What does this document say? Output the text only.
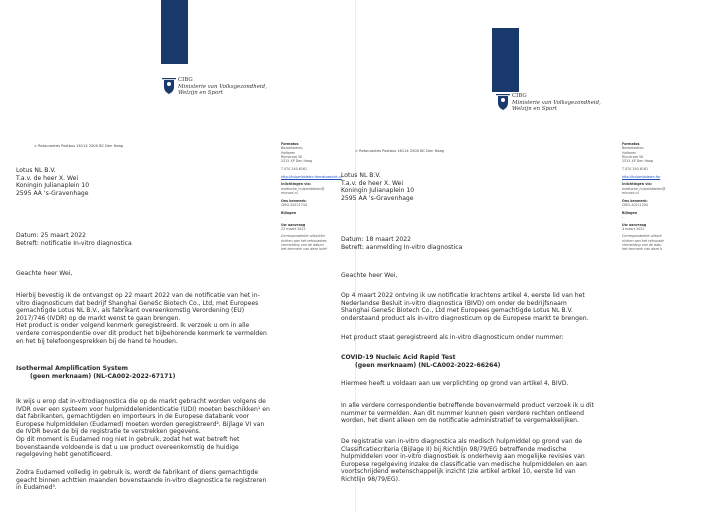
CIBG
Ministerie van Volksgezondheid,
Welzijn en Sport
> Retouradres Postbus 16114 2500 BC Den Haag
Lotus NL B.V.
T.a.v. de heer X. Wei
Koningin Julianaplein 10
2595 AA 's-Gravenhage
Datum: 25 maart 2022
Betreft: notificatie In-vitro diagnostica
Geachte heer Wei,
Hierbij bevestig ik de ontvangst op 22 maart 2022 van de notificatie van het in-
vitro diagnosticum dat bedrijf Shanghai GeneSc Biotech Co., Ltd, met Europees
gemachtigde Lotus NL B.V., als fabrikant overeenkomstig Verordening (EU)
2017/746 (IVDR) op de markt wenst te gaan brengen.
Het product is onder volgend kenmerk geregistreerd. Ik verzoek u om in alle
verdere correspondentie over dit product het bijbehorende kenmerk te vermelden
en het bij telefoongesprekken bij de hand te houden.
Isothermal Amplification System
(geen merknaam) (NL-CA002-2022-67171)
Ik wijs u erop dat in-vitrodiagnostica die op de markt gebracht worden volgens de
IVDR over een systeem voor hulpmiddelenidenticatie (UDI) moeten beschikken¹ en
dat fabrikanten, gemachtigden en importeurs in de Europese databank voor
Europese hulpmiddelen (Eudamed) moeten worden geregistreerd². Bijlage VI van
de IVDR bevat de bij de registratie te verstrekken gegevens.
Op dit moment is Eudamed nog niet in gebruik, zodat het wat betreft het
bovenstaande voldoende is dat u uw product overeenkomstig de huidige
regelgeving hebt genotificeerd.
Zodra Eudamed volledig in gebruik is, wordt de fabrikant of diens gemachtigde
geacht binnen achttien maanden bovenstaande in-vitro diagnostica te registreren
in Eudamed³.
Formatos
Bezoekadres:
Hoftoren
Rijnstraat 50
2515 XP Den Haag
T 070 340 6161
http://hulpmiddelen.farmatoezicht.nl
Inlichtingen via:
medische_hulpmiddelen@
minvws.nl
Ons kenmerk:
CIBG-20221744
Bijlagen
-
Uw aanvraag
22 maart 2022
Correspondentie uitsluiten
richten aan het retouradres
vermelding van de datum
het kenmerk van deze brief
CIBG
Ministerie van Volksgezondheid,
Welzijn en Sport
> Retouradres Postbus 16114 2500 BC Den Haag
Lotus NL B.V.
T.a.v. de heer X. Wei
Koningin Julianaplein 10
2595 AA 's-Gravenhage
Datum: 18 maart 2022
Betreft: aanmelding In-vitro diagnostica
Geachte heer Wei,
Op 4 maart 2022 ontving ik uw notificatie krachtens artikel 4, eerste lid van het
Nederlandse Besluit in-vitro diagnostica (BIVD) om onder de bedrijfsnaam
Shanghai GeneSc Biotech Co., Ltd met Europees gemachtigde Lotus NL B.V.
onderstaand product als in-vitro diagnosticum op de Europese markt te brengen.
Het product staat geregistreerd als in-vitro diagnosticum onder nummer:
COVID-19 Nucleic Acid Rapid Test
(geen merknaam) (NL-CA002-2022-66264)
Hiermee heeft u voldaan aan uw verplichting op grond van artikel 4, BIVD.
In alle verdere correspondentie betreffende bovenvermeld product verzoek ik u dit
nummer te vermelden. Aan dit nummer kunnen geen verdere rechten ontleend
worden, het dient alleen om de notificatie administratief te vergemakkelijken.
De registratie van in-vitro diagnostica als medisch hulpmiddel op grond van de
Classificatiecriteria (Bijlage II) bij Richtlijn 98/79/EG betreffende medische
hulpmiddelen voor in-vitro diagnostiek is onderhevig aan mogelijke revisies van
Europese regelgeving inzake de classificatie van medische hulpmiddelen en aan
voortschrijdend wetenschappelijk inzicht (zie artikel artikel 10, eerste lid van
Richtlijn 98/79/EG).
Formatos
Bezoekadres:
Hoftoren
Rijnstraat 50
2515 XP Den Haag
T 070 340 6161
http://hulpmiddelen.far
Inlichtingen via:
medische_hulpmiddelen@
minvws.nl
Ons kenmerk:
CIBG-20221204
Bijlagen
-
Uw aanvraag
4 maart 2022
Correspondentie uitsluit
richten aan het retouradr
vermelding van de datu
het kenmerk van deze b
